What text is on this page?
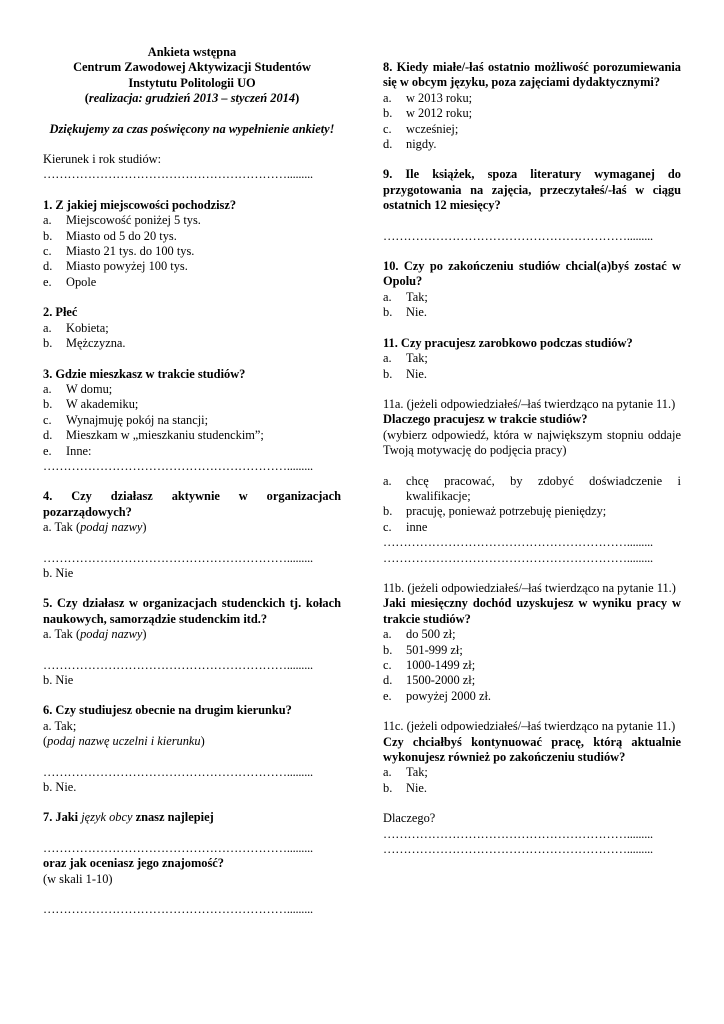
Ankieta wstępna
Centrum Zawodowej Aktywizacji Studentów
Instytutu Politologii UO
(realizacja: grudzień 2013 – styczeń 2014)
Dziękujemy za czas poświęcony na wypełnienie ankiety!
Kierunek i rok studiów:
…………………………………………………….........
1. Z jakiej miejscowości pochodzisz?
a.	Miejscowość poniżej 5 tys.
b.	Miasto od 5 do 20 tys.
c.	Miasto 21 tys. do 100 tys.
d.	Miasto powyżej 100 tys.
e.	Opole
2. Płeć
a.	Kobieta;
b.	Mężczyzna.
3. Gdzie mieszkasz w trakcie studiów?
a.	W domu;
b.	W akademiku;
c.	Wynajmuję pokój na stancji;
d.	Mieszkam w „mieszkaniu studenckim”;
e.	Inne:
…………………………………………………….........
4. Czy działasz aktywnie w organizacjach pozarządowych?
a. Tak (podaj nazwy)
…………………………………………………….........
b. Nie
5. Czy działasz w organizacjach studenckich tj. kołach naukowych, samorządzie studenckim itd.?
a. Tak (podaj nazwy)
…………………………………………………….........
b. Nie
6. Czy studiujesz obecnie na drugim kierunku?
a. Tak;
(podaj nazwę uczelni i kierunku)
…………………………………………………….........
b. Nie.
7. Jaki język obcy znasz najlepiej
…………………………………………………….........
oraz jak oceniasz jego znajomość?
(w skali 1-10)
…………………………………………………….........
8. Kiedy miałe/-łaś ostatnio możliwość porozumiewania się w obcym języku, poza zajęciami dydaktycznymi?
a.	w 2013 roku;
b.	w 2012 roku;
c.	wcześniej;
d.	nigdy.
9. Ile książek, spoza literatury wymaganej do przygotowania na zajęcia, przeczytałeś/-łaś w ciągu ostatnich 12 miesięcy?
…………………………………………………….........
10. Czy po zakończeniu studiów chcial(a)byś zostać w Opolu?
a.	Tak;
b.	Nie.
11. Czy pracujesz zarobkowo podczas studiów?
a.	Tak;
b.	Nie.
11a. (jeżeli odpowiedziałeś/–łaś twierdząco na pytanie 11.)
Dlaczego pracujesz w trakcie studiów?
(wybierz odpowiedź, która w największym stopniu oddaje Twoją motywację do podjęcia pracy)
a.	chcę pracować, by zdobyć doświadczenie i kwalifikacje;
b.	pracuję, ponieważ potrzebuję pieniędzy;
c.	inne
…………………………………………………….........
…………………………………………………….........
11b. (jeżeli odpowiedziałeś/–łaś twierdząco na pytanie 11.)
Jaki miesięczny dochód uzyskujesz w wyniku pracy w trakcie studiów?
a.	do 500 zł;
b.	501-999 zł;
c.	1000-1499 zł;
d.	1500-2000 zł;
e.	powyżej 2000 zł.
11c. (jeżeli odpowiedziałeś/–łaś twierdząco na pytanie 11.)
Czy chciałbyś kontynuować pracę, którą aktualnie wykonujesz również po zakończeniu studiów?
a.	Tak;
b.	Nie.
Dlaczego?
…………………………………………………….........
…………………………………………………….........
